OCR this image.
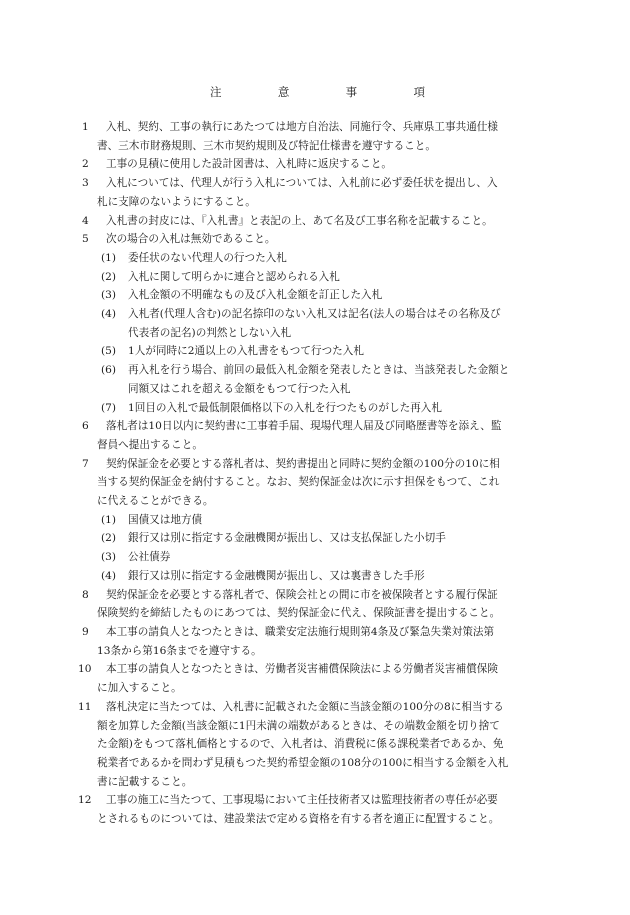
注	意	事	項
1	入札、契約、工事の執行にあたつては地方自治法、同施行令、兵庫県工事共通仕様
書、三木市財務規則、三木市契約規則及び特記仕様書を遵守すること。
2	工事の見積に使用した設計図書は、入札時に返戻すること。
3	入札については、代理人が行う入札については、入札前に必ず委任状を提出し、入
札に支障のないようにすること。
4	入札書の封皮には、『入札書』と表記の上、あて名及び工事名称を記載すること。
5	次の場合の入札は無効であること。
(1)	委任状のない代理人の行つた入札
(2)	入札に関して明らかに連合と認められる入札
(3)	入札金額の不明確なもの及び入札金額を訂正した入札
(4)	入札者(代理人含む)の記名捺印のない入札又は記名(法人の場合はその名称及び
代表者の記名)の判然としない入札
(5)	1人が同時に2通以上の入札書をもつて行つた入札
(6)	再入札を行う場合、前回の最低入札金額を発表したときは、当該発表した金額と
同額又はこれを超える金額をもつて行つた入札
(7)	1回目の入札で最低制限価格以下の入札を行つたものがした再入札
6	落札者は10日以内に契約書に工事着手届、現場代理人届及び同略歴書等を添え、監
督員へ提出すること。
7	契約保証金を必要とする落札者は、契約書提出と同時に契約金額の100分の10に相
当する契約保証金を納付すること。なお、契約保証金は次に示す担保をもつて、これ
に代えることができる。
(1)	国債又は地方債
(2)	銀行又は別に指定する金融機関が振出し、又は支払保証した小切手
(3)	公社債券
(4)	銀行又は別に指定する金融機関が振出し、又は裏書きした手形
8	契約保証金を必要とする落札者で、保険会社との間に市を被保険者とする履行保証
保険契約を締結したものにあつては、契約保証金に代え、保険証書を提出すること。
9	本工事の請負人となつたときは、職業安定法施行規則第4条及び緊急失業対策法第
13条から第16条までを遵守する。
10	本工事の請負人となつたときは、労働者災害補償保険法による労働者災害補償保険
に加入すること。
11	落札決定に当たつては、入札書に記載された金額に当該金額の100分の8に相当する
額を加算した金額(当該金額に1円未満の端数があるときは、その端数金額を切り捨て
た金額)をもつて落札価格とするので、入札者は、消費税に係る課税業者であるか、免
税業者であるかを問わず見積もつた契約希望金額の108分の100に相当する金額を入札
書に記載すること。
12	工事の施工に当たつて、工事現場において主任技術者又は監理技術者の専任が必要
とされるものについては、建設業法で定める資格を有する者を適正に配置すること。
